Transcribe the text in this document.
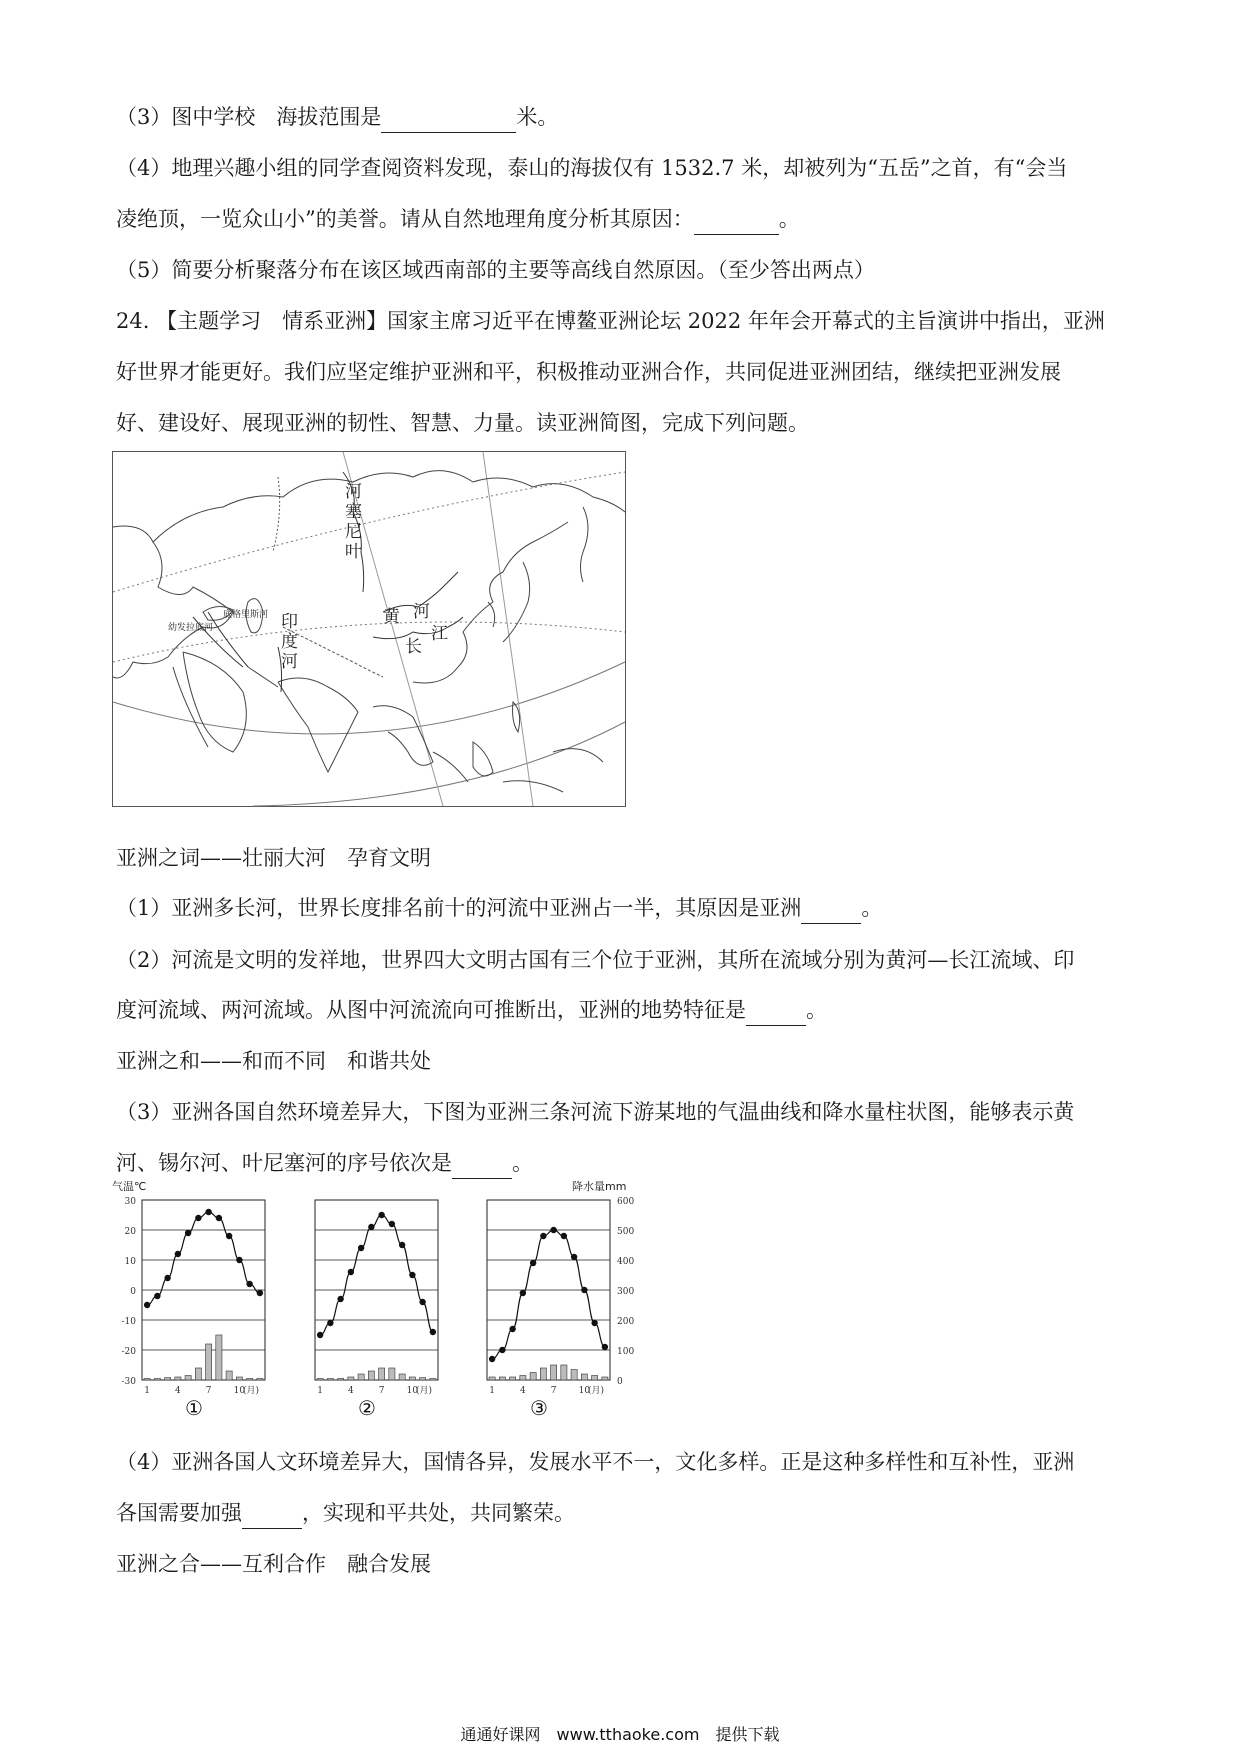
（3）图中学校　海拔范围是	米。
（4）地理兴趣小组的同学查阅资料发现，泰山的海拔仅有 1532.7 米，却被列为“五岳”之首，有“会当
凌绝顶，一览众山小”的美誉。请从自然地理角度分析其原因：	。
（5）简要分析聚落分布在该区域西南部的主要等高线自然原因。（至少答出两点）
24. 【主题学习　情系亚洲】国家主席习近平在博鳌亚洲论坛 2022 年年会开幕式的主旨演讲中指出，亚洲
好世界才能更好。我们应坚定维护亚洲和平，积极推动亚洲合作，共同促进亚洲团结，继续把亚洲发展
好、建设好、展现亚洲的韧性、智慧、力量。读亚洲简图，完成下列问题。
河
塞
尼
叶
黄 河
长
江
印
度
河
底格里斯河
幼发拉底河
亚洲之词——壮丽大河　孕育文明
（1）亚洲多长河，世界长度排名前十的河流中亚洲占一半，其原因是亚洲	。
（2）河流是文明的发祥地，世界四大文明古国有三个位于亚洲，其所在流域分别为黄河—长江流域、印
度河流域、两河流域。从图中河流流向可推断出，亚洲的地势特征是	。
亚洲之和——和而不同　和谐共处
（3）亚洲各国自然环境差异大，下图为亚洲三条河流下游某地的气温曲线和降水量柱状图，能够表示黄
河、锡尔河、叶尼塞河的序号依次是	。
气温℃	降水量mm
30
20
10
0
-10
-20
-30
600
500
400
300
200
100
0
1	4	7 10
(月)
①
1	4	7 10
(月)
②
1	4	7 10
(月)
③
（4）亚洲各国人文环境差异大，国情各异，发展水平不一，文化多样。正是这种多样性和互补性，亚洲
各国需要加强	，实现和平共处，共同繁荣。
亚洲之合——互利合作　融合发展
通通好课网　www.tthaoke.com　提供下载
